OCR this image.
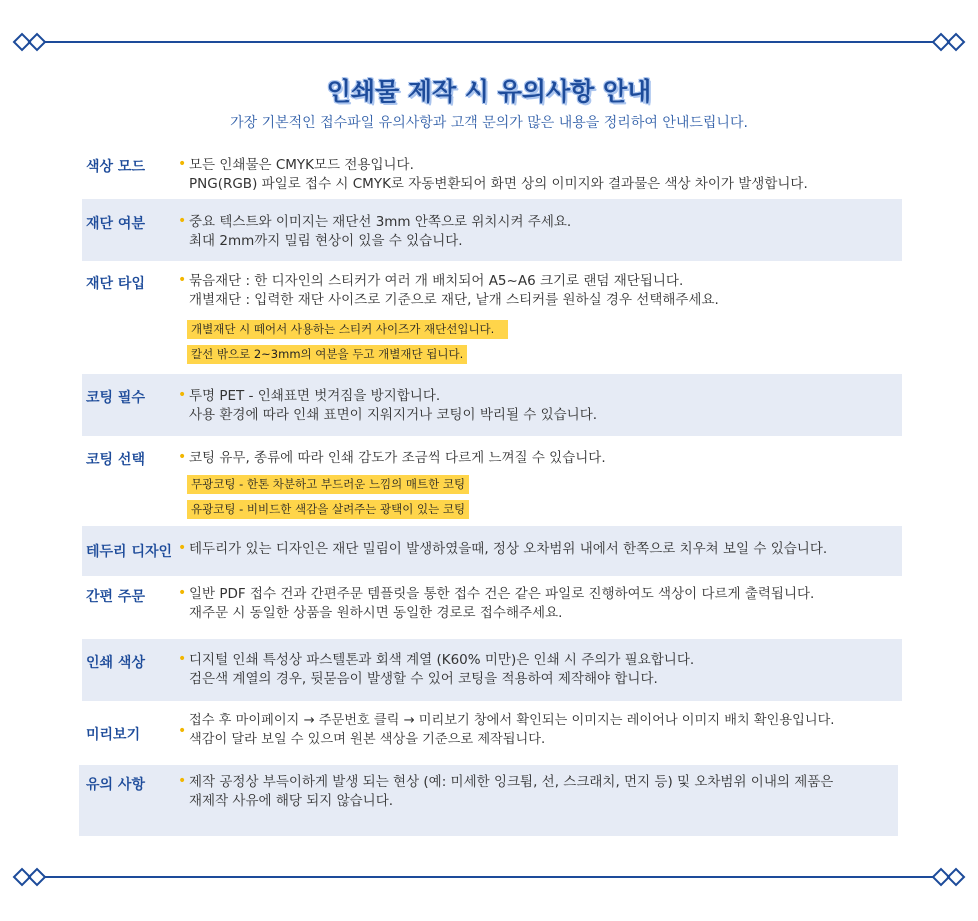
인쇄물 제작 시 유의사항 안내
가장 기본적인 접수파일 유의사항과 고객 문의가 많은 내용을 정리하여 안내드립니다.
색상 모드	• 모든 인쇄물은 CMYK모드 전용입니다.
PNG(RGB) 파일로 접수 시 CMYK로 자동변환되어 화면 상의 이미지와 결과물은 색상 차이가 발생합니다.
재단 여분	• 중요 텍스트와 이미지는 재단선 3mm 안쪽으로 위치시켜 주세요.
최대 2mm까지 밀림 현상이 있을 수 있습니다.
재단 타입	• 묶음재단 : 한 디자인의 스티커가 여러 개 배치되어 A5~A6 크기로 랜덤 재단됩니다.
개별재단 : 입력한 재단 사이즈로 기준으로 재단, 낱개 스티커를 원하실 경우 선택해주세요.
개별재단 시 떼어서 사용하는 스티커 사이즈가 재단선입니다.
칼선 밖으로 2~3mm의 여분을 두고 개별재단 됩니다.
코팅 필수	• 투명 PET - 인쇄표면 벗겨짐을 방지합니다.
사용 환경에 따라 인쇄 표면이 지워지거나 코팅이 박리될 수 있습니다.
코팅 선택	• 코팅 유무, 종류에 따라 인쇄 감도가 조금씩 다르게 느껴질 수 있습니다.
무광코팅 - 한톤 차분하고 부드러운 느낌의 매트한 코팅
유광코팅 - 비비드한 색감을 살려주는 광택이 있는 코팅
테두리 디자인 • 테두리가 있는 디자인은 재단 밀림이 발생하였을때, 정상 오차범위 내에서 한쪽으로 치우쳐 보일 수 있습니다.
간편 주문	• 일반 PDF 접수 건과 간편주문 템플릿을 통한 접수 건은 같은 파일로 진행하여도 색상이 다르게 출력됩니다.
재주문 시 동일한 상품을 원하시면 동일한 경로로 접수해주세요.
인쇄 색상	• 디지털 인쇄 특성상 파스텔톤과 회색 계열 (K60% 미만)은 인쇄 시 주의가 필요합니다.
검은색 계열의 경우, 뒷묻음이 발생할 수 있어 코팅을 적용하여 제작해야 합니다.
미리보기	•
접수 후 마이페이지 → 주문번호 클릭 → 미리보기 창에서 확인되는 이미지는 레이어나 이미지 배치 확인용입니다.
색감이 달라 보일 수 있으며 원본 색상을 기준으로 제작됩니다.
유의 사항	• 제작 공정상 부득이하게 발생 되는 현상 (예: 미세한 잉크튐, 선, 스크래치, 먼지 등) 및 오차범위 이내의 제품은
재제작 사유에 해당 되지 않습니다.
